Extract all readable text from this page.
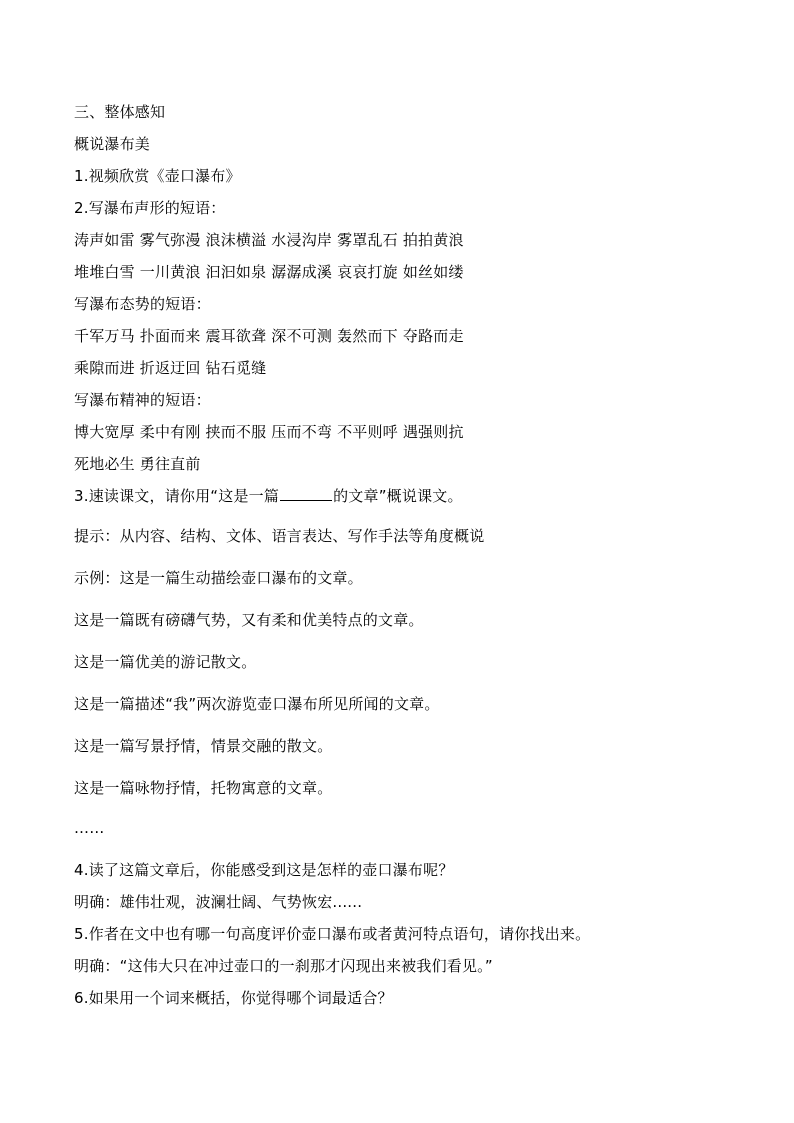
三、整体感知
概说瀑布美
1.视频欣赏《壶口瀑布》
2.写瀑布声形的短语：
涛声如雷 雾气弥漫 浪沫横溢 水浸沟岸 雾罩乱石 拍拍黄浪
堆堆白雪 一川黄浪 汩汩如泉 潺潺成溪 哀哀打旋 如丝如缕
写瀑布态势的短语：
千军万马 扑面而来 震耳欲聋 深不可测 轰然而下 夺路而走
乘隙而进 折返迂回 钻石觅缝
写瀑布精神的短语：
博大宽厚 柔中有刚 挟而不服 压而不弯 不平则呼 遇强则抗
死地必生 勇往直前
3.速读课文，请你用“这是一篇	的文章”概说课文。
提示：从内容、结构、文体、语言表达、写作手法等角度概说
示例：这是一篇生动描绘壶口瀑布的文章。
这是一篇既有磅礴气势，又有柔和优美特点的文章。
这是一篇优美的游记散文。
这是一篇描述“我”两次游览壶口瀑布所见所闻的文章。
这是一篇写景抒情，情景交融的散文。
这是一篇咏物抒情，托物寓意的文章。
……
4.读了这篇文章后，你能感受到这是怎样的壶口瀑布呢？
明确：雄伟壮观，波澜壮阔、气势恢宏......
5.作者在文中也有哪一句高度评价壶口瀑布或者黄河特点语句，请你找出来。
明确：“这伟大只在冲过壶口的一刹那才闪现出来被我们看见。”
6.如果用一个词来概括，你觉得哪个词最适合？
